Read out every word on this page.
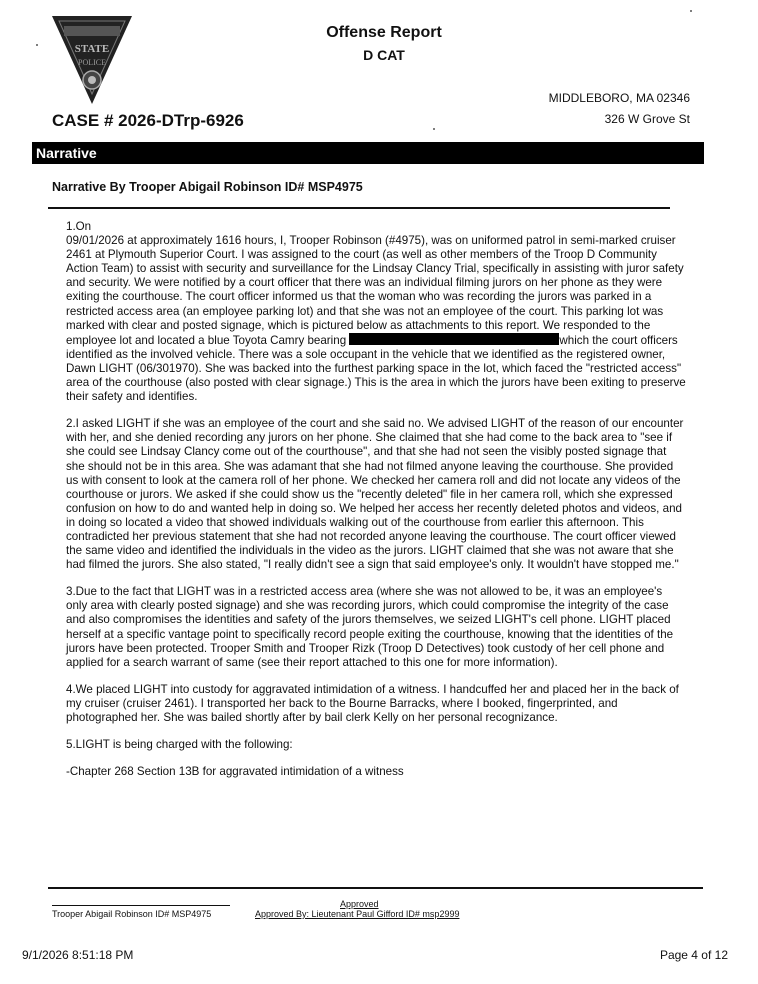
STATE
POLICE
Offense Report
D CAT
MIDDLEBORO, MA 02346
326 W Grove St
CASE # 2026-DTrp-6926
Narrative
Narrative By Trooper Abigail Robinson ID# MSP4975

1.On
09/01/2026 at approximately 1616 hours, I, Trooper Robinson (#4975), was on uniformed patrol in semi-marked cruiser 2461 at Plymouth Superior Court. I was assigned to the court (as well as other members of the Troop D Community Action Team) to assist with security and surveillance for the Lindsay Clancy Trial, specifically in assisting with juror safety and security. We were notified by a court officer that there was an individual filming jurors on her phone as they were exiting the courthouse. The court officer informed us that the woman who was recording the jurors was parked in a restricted access area (an employee parking lot) and that she was not an employee of the court. This parking lot was marked with clear and posted signage, which is pictured below as attachments to this report. We responded to the employee lot and located a blue Toyota Camry bearing	which the court officers identified as the involved vehicle. There was a sole occupant in the vehicle that we identified as the registered owner, Dawn LIGHT (06/301970). She was backed into the furthest parking space in the lot, which faced the "restricted access" area of the courthouse (also posted with clear signage.) This is the area in which the jurors have been exiting to preserve their safety and identifies.

2.I asked LIGHT if she was an employee of the court and she said no. We advised LIGHT of the reason of our encounter with her, and she denied recording any jurors on her phone. She claimed that she had come to the back area to "see if she could see Lindsay Clancy come out of the courthouse", and that she had not seen the visibly posted signage that she should not be in this area. She was adamant that she had not filmed anyone leaving the courthouse. She provided us with consent to look at the camera roll of her phone. We checked her camera roll and did not locate any videos of the courthouse or jurors. We asked if she could show us the "recently deleted" file in her camera roll, which she expressed confusion on how to do and wanted help in doing so. We helped her access her recently deleted photos and videos, and in doing so located a video that showed individuals walking out of the courthouse from earlier this afternoon. This contradicted her previous statement that she had not recorded anyone leaving the courthouse. The court officer viewed the same video and identified the individuals in the video as the jurors. LIGHT claimed that she was not aware that she had filmed the jurors. She also stated, "I really didn't see a sign that said employee's only. It wouldn't have stopped me."

3.Due to the fact that LIGHT was in a restricted access area (where she was not allowed to be, it was an employee's only area with clearly posted signage) and she was recording jurors, which could compromise the integrity of the case and also compromises the identities and safety of the jurors themselves, we seized LIGHT's cell phone. LIGHT placed herself at a specific vantage point to specifically record people exiting the courthouse, knowing that the identities of the jurors have been protected. Trooper Smith and Trooper Rizk (Troop D Detectives) took custody of her cell phone and applied for a search warrant of same (see their report attached to this one for more information).

4.We placed LIGHT into custody for aggravated intimidation of a witness. I handcuffed her and placed her in the back of my cruiser (cruiser 2461). I transported her back to the Bourne Barracks, where I booked, fingerprinted, and photographed her. She was bailed shortly after by bail clerk Kelly on her personal recognizance.

5.LIGHT is being charged with the following:

-Chapter 268 Section 13B for aggravated intimidation of a witness

Trooper Abigail Robinson ID# MSP4975
Approved
Approved By: Lieutenant Paul Gifford ID# msp2999
9/1/2026 8:51:18 PM	Page 4 of 12
